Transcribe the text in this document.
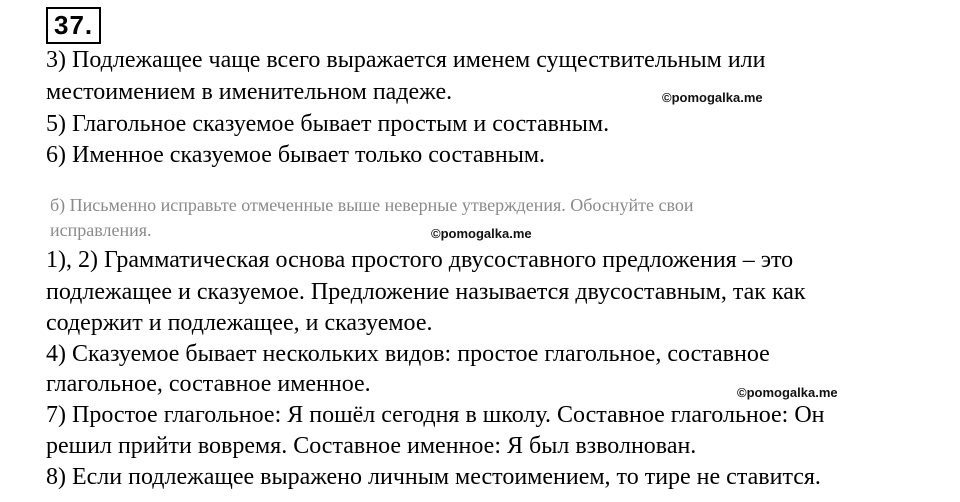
37.
3) Подлежащее чаще всего выражается именем существительным или
местоимением в именительном падеже.
5) Глагольное сказуемое бывает простым и составным.
6) Именное сказуемое бывает только составным.
©pomogalka.me
б) Письменно исправьте отмеченные выше неверные утверждения. Обоснуйте свои
исправления.	©pomogalka.me
1), 2) Грамматическая основа простого двусоставного предложения – это
подлежащее и сказуемое. Предложение называется двусоставным, так как
содержит и подлежащее, и сказуемое.
4) Сказуемое бывает нескольких видов: простое глагольное, составное
глагольное, составное именное.	©pomogalka.me
7) Простое глагольное: Я пошёл сегодня в школу. Составное глагольное: Он
решил прийти вовремя. Составное именное: Я был взволнован.
8) Если подлежащее выражено личным местоимением, то тире не ставится.
